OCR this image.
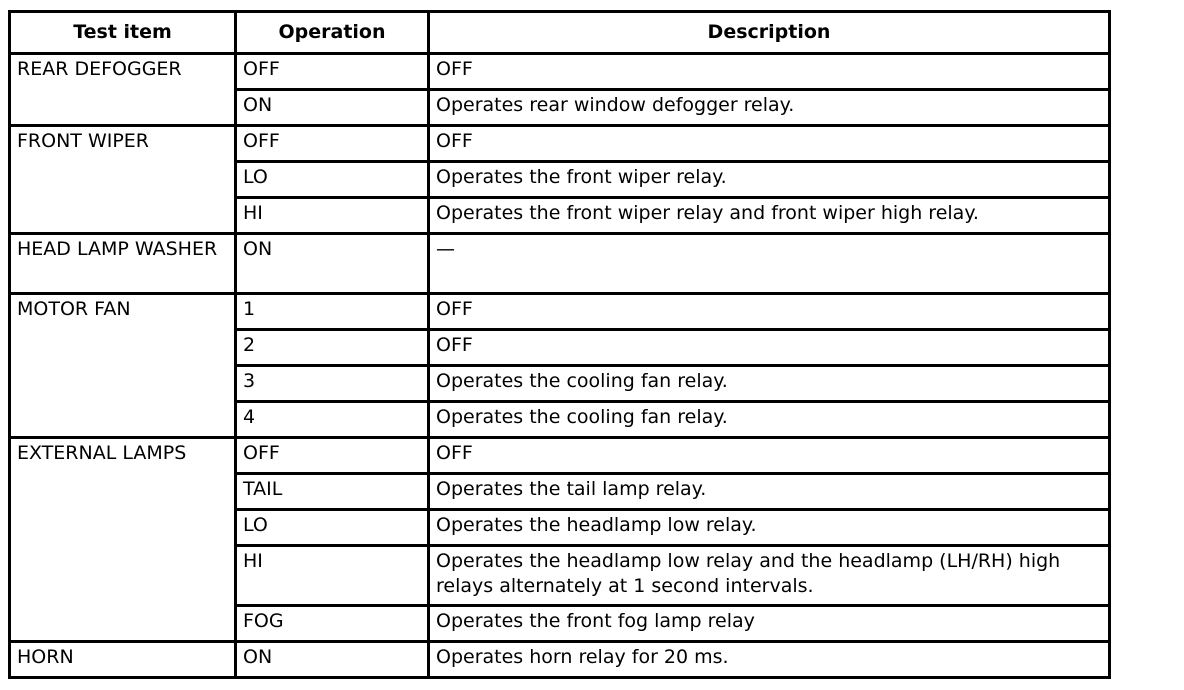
Test item	Operation	Description
REAR DEFOGGER	OFF	OFF
	ON	Operates rear window defogger relay.
FRONT WIPER	OFF	OFF
	LO	Operates the front wiper relay.
	HI	Operates the front wiper relay and front wiper high relay.
HEAD LAMP WASHER	ON	—
MOTOR FAN	1	OFF
	2	OFF
	3	Operates the cooling fan relay.
	4	Operates the cooling fan relay.
EXTERNAL LAMPS	OFF	OFF
	TAIL	Operates the tail lamp relay.
	LO	Operates the headlamp low relay.
	HI	Operates the headlamp low relay and the headlamp (LH/RH) high relays alternately at 1 second intervals.
	FOG	Operates the front fog lamp relay
HORN	ON	Operates horn relay for 20 ms.
